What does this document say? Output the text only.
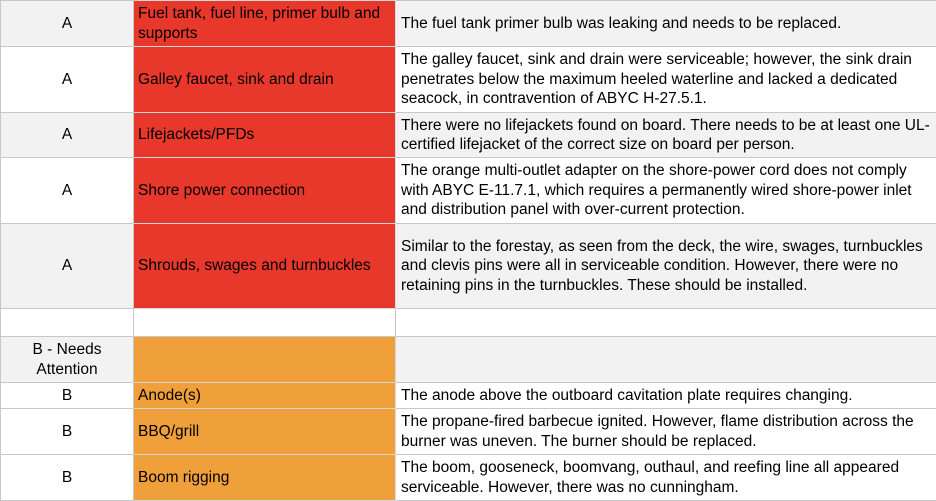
A	Fuel tank, fuel line, primer bulb and supports	The fuel tank primer bulb was leaking and needs to be replaced.
A	Galley faucet, sink and drain	The galley faucet, sink and drain were serviceable; however, the sink drain penetrates below the maximum heeled waterline and lacked a dedicated seacock, in contravention of ABYC H-27.5.1.
A	Lifejackets/PFDs	There were no lifejackets found on board. There needs to be at least one UL-certified lifejacket of the correct size on board per person.
A	Shore power connection	The orange multi-outlet adapter on the shore-power cord does not comply with ABYC E-11.7.1, which requires a permanently wired shore-power inlet and distribution panel with over-current protection.
A	Shrouds, swages and turnbuckles	Similar to the forestay, as seen from the deck, the wire, swages, turnbuckles and clevis pins were all in serviceable condition. However, there were no retaining pins in the turnbuckles. These should be installed.

B - Needs Attention		
B	Anode(s)	The anode above the outboard cavitation plate requires changing.
B	BBQ/grill	The propane-fired barbecue ignited. However, flame distribution across the burner was uneven. The burner should be replaced.
B	Boom rigging	The boom, gooseneck, boomvang, outhaul, and reefing line all appeared serviceable. However, there was no cunningham.
